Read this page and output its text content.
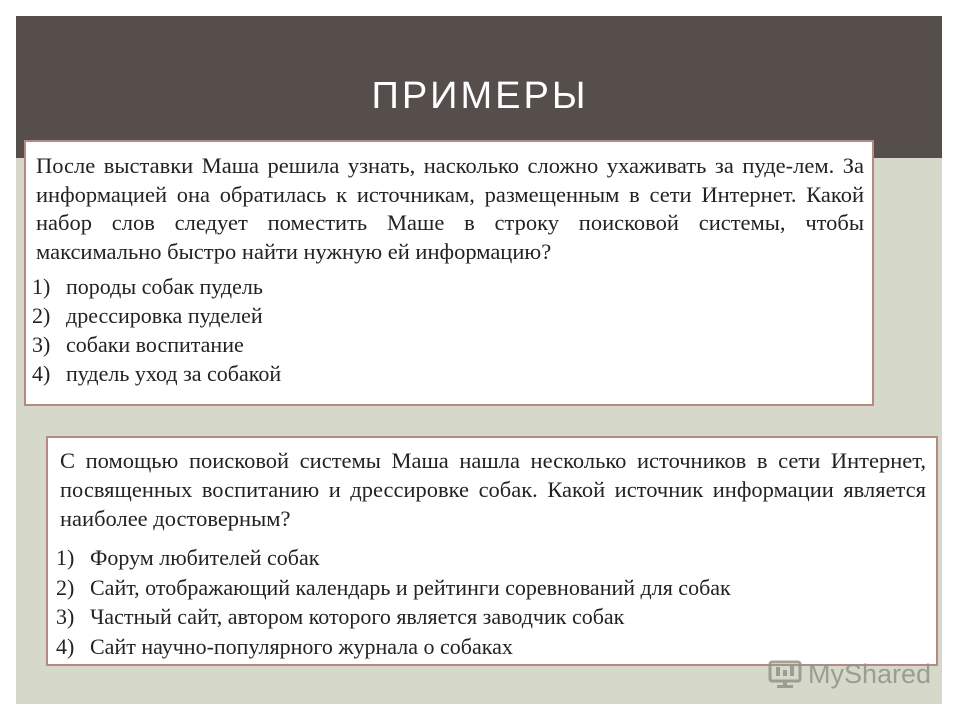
ПРИМЕРЫ

После выставки Маша решила узнать, насколько сложно ухаживать за пуде-лем. За информацией она обратилась к источникам, размещенным в сети Интернет. Какой набор слов следует поместить Маше в строку поисковой системы, чтобы максимально быстро найти нужную ей информацию?

1) породы собак пудель
2) дрессировка пуделей
3) собаки воспитание
4) пудель уход за собакой

С помощью поисковой системы Маша нашла несколько источников в сети Интернет, посвященных воспитанию и дрессировке собак. Какой источник информации является наиболее достоверным?

1) Форум любителей собак
2) Сайт, отображающий календарь и рейтинги соревнований для собак
3) Частный сайт, автором которого является заводчик собак
4) Сайт научно-популярного журнала о собаках
MyShared
